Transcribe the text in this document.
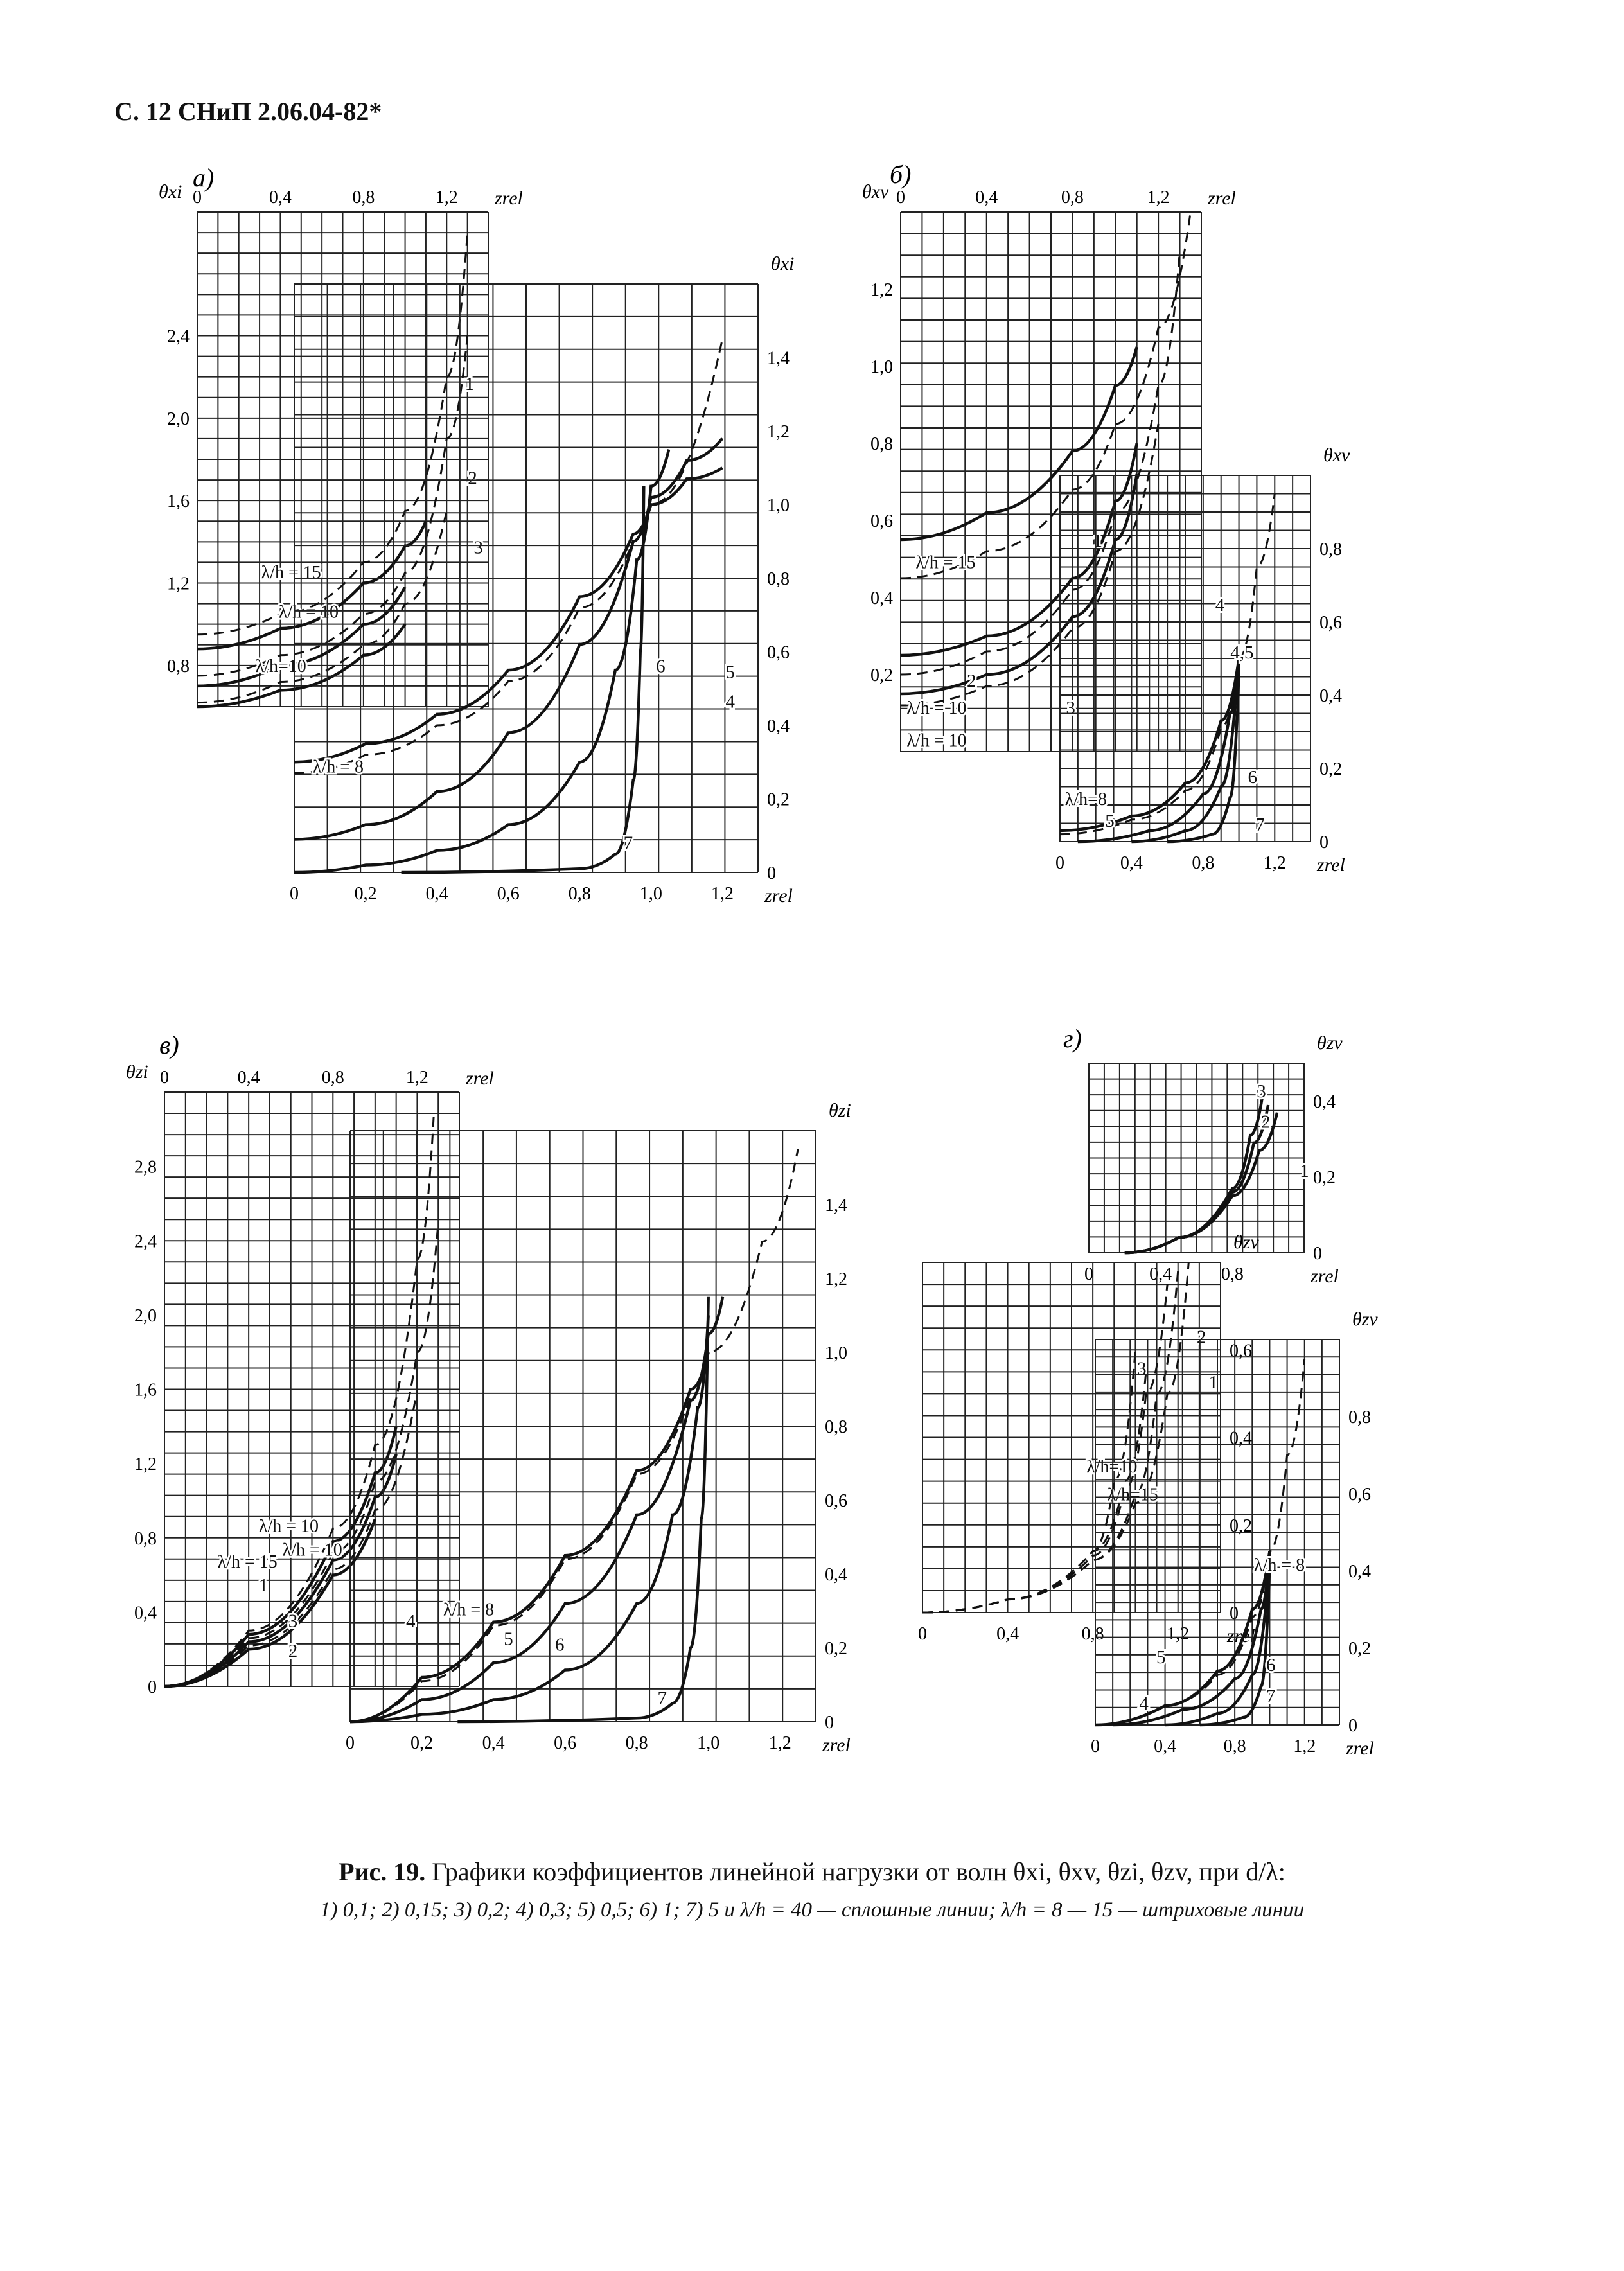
С. 12 СНиП 2.06.04-82*
а)	б)
в)	г)
0	0,4	0,8	1,2 zrel
0,8
1,2
1,6
2,0
2,4
θxi
1
2
3
λ/h = 15
λ/h = 10
λ/h=10
0	0,2	0,4	0,6	0,8	1,0	1,2 zrel
0
0,2
0,4
0,6
0,8
1,0
1,2
1,4
θxi
4
5
6
7
λ/h = 8
0	0,4	0,8	1,2 zrel
0,2
0,4
0,6
0,8
1,0
1,2
θxv
1
2
3
λ/h = 15
λ/h = 10
λ/h = 10
0	0,4	0,8	1,2 zrel
0
0,2
0,4
0,6
0,8
θxv
4
5
6
7
4,5
λ/h=8
0	0,4	0,8	1,2 zrel
0
0,4
0,8
1,2
1,6
2,0
2,4
2,8
θzi
1
2
3
λ/h = 15
λ/h = 10
λ/h = 10
0	0,2	0,4	0,6	0,8	1,0	1,2 zrel
0
0,2
0,4
0,6
0,8
1,0
1,2
1,4
θzi
4
5 6
7
λ/h = 8
0	0,4	0,8	zrel
0
0,2
0,4
θzv
1
2
3
0	0,4	0,8	1,2 zrel
0
0,2
0,4
0,6
θzv
1
2
3
λ/h=10
λ/h=15
0	0,4	0,8	1,2 zrel
0
0,2
0,4
0,6
0,8
θzv
4
5	6
7
λ/h = 8
Рис. 19. Графики коэффициентов линейной нагрузки от волн θxi, θxv, θzi, θzv, при d/λ:
1) 0,1; 2) 0,15; 3) 0,2; 4) 0,3; 5) 0,5; 6) 1; 7) 5 и λ/h = 40 — сплошные линии; λ/h = 8 — 15 — штриховые линии
